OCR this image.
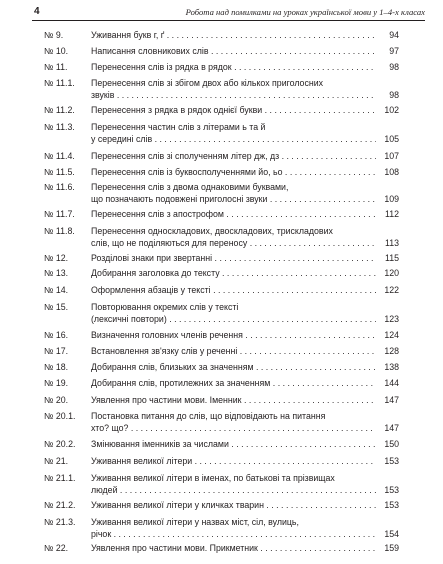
4	Робота над помилками на уроках української мови у 1–4-х класах
№ 9.	Уживання букв г, ґ . . .	94
№ 10.	Написання словникових слів . . .	97
№ 11.	Перенесення слів із рядка в рядок . . .	98
№ 11.1. Перенесення слів зі збігом двох або кількох приголосних
звуків . . .	98
№ 11.2. Перенесення з рядка в рядок однієї букви . . .	102
№ 11.3. Перенесення частин слів з літерами ь та й
у середині слів . . .	105
№ 11.4. Перенесення слів зі сполученням літер дж, дз . . .	107
№ 11.5. Перенесення слів із буквосполученнями йо, ьо . . .	108
№ 11.6. Перенесення слів з двома однаковими буквами,
що позначають подовжені приголосні звуки . . .	109
№ 11.7. Перенесення слів з апострофом . . .	112
№ 11.8. Перенесення односкладових, двоскладових, трискладових
слів, що не поділяються для переносу . . .	113
№ 12.	Розділові знаки при звертанні . . .	115
№ 13.	Добирання заголовка до тексту . . .	120
№ 14.	Оформлення абзаців у тексті . . .	122
№ 15.	Повторювання окремих слів у тексті
(лексичні повтори) . . .	123
№ 16.	Визначення головних членів речення . . .	124
№ 17.	Встановлення зв'язку слів у реченні . . .	128
№ 18.	Добирання слів, близьких за значенням . . .	138
№ 19.	Добирання слів, протилежних за значенням . . .	144
№ 20.	Уявлення про частини мови. Іменник . . .	147
№ 20.1. Постановка питання до слів, що відповідають на питання
хто? що? . . .	147
№ 20.2. Змінювання іменників за числами . . .	150
№ 21.	Уживання великої літери . . .	153
№ 21.1. Уживання великої літери в іменах, по батькові та прізвищах
людей . . .	153
№ 21.2. Уживання великої літери у кличках тварин . . .	153
№ 21.3. Уживання великої літери у назвах міст, сіл, вулиць,
річок . . .	154
№ 22.	Уявлення про частини мови. Прикметник . . .	159
